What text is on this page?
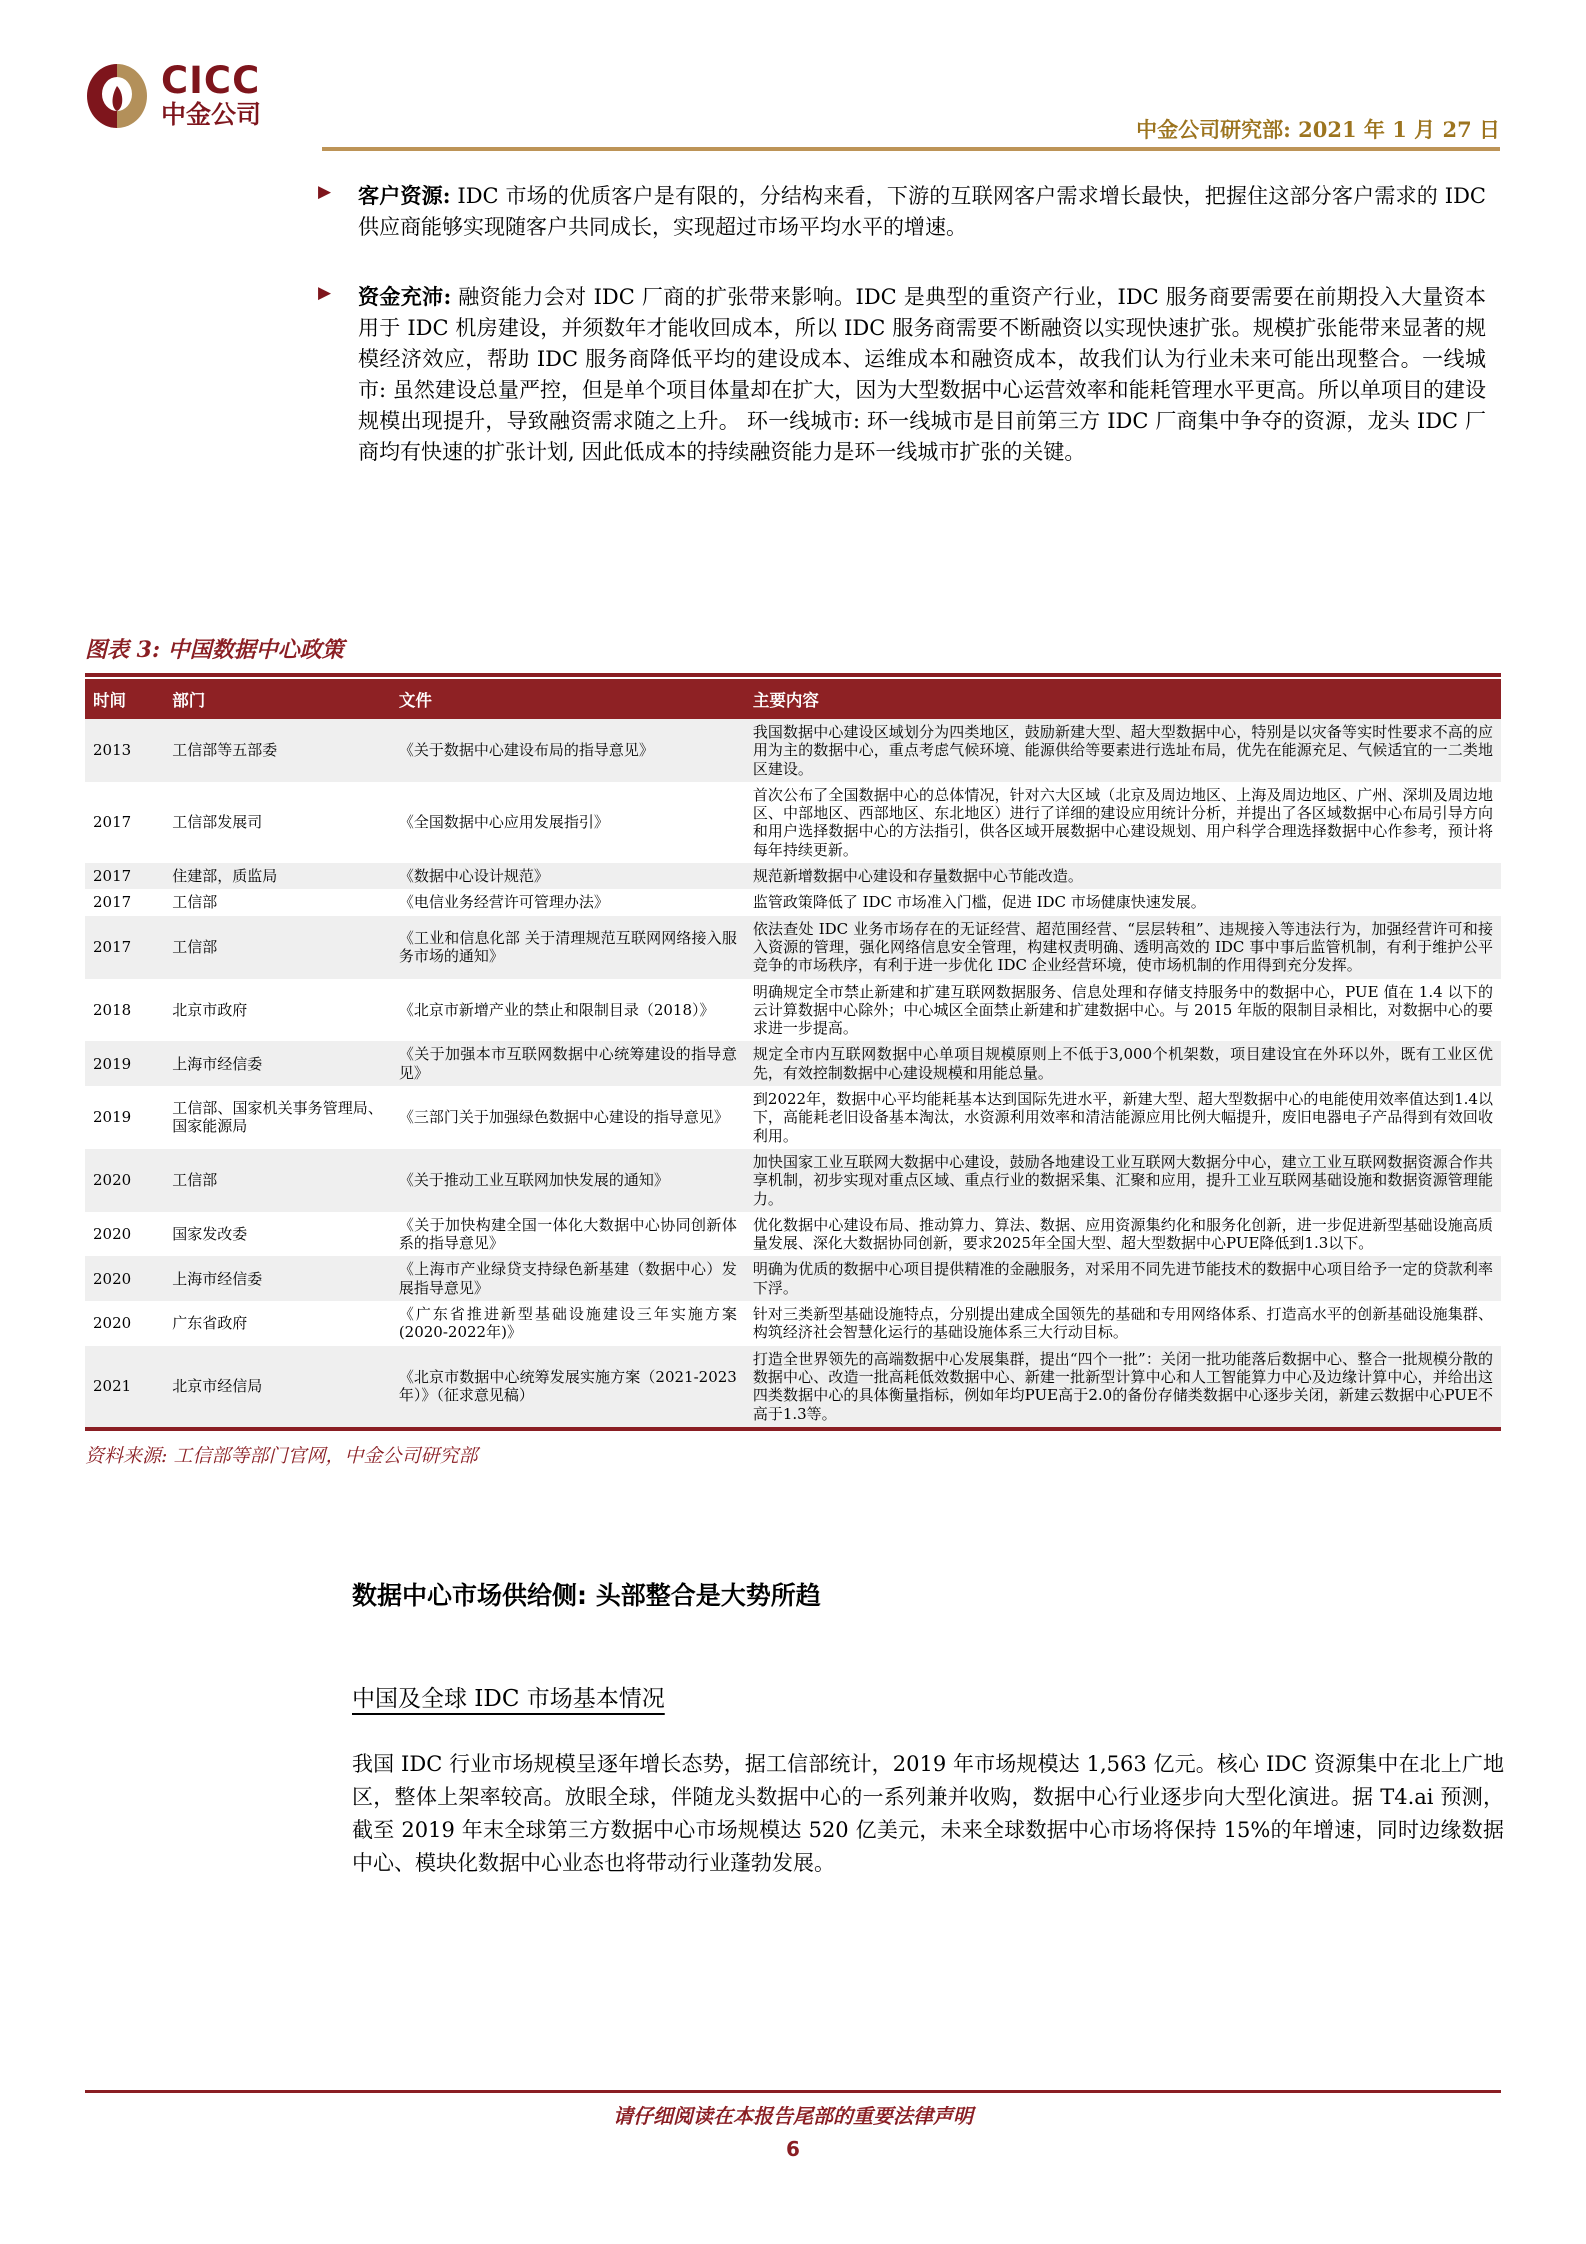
CICC
中金公司
中金公司研究部: 2021 年 1 月 27 日
▶	客户资源: IDC 市场的优质客户是有限的，分结构来看，下游的互联网客户需求增长最快，把握住这部分客户需求的 IDC 供应商能够实现随客户共同成长，实现超过市场平均水平的增速。
▶	资金充沛: 融资能力会对 IDC 厂商的扩张带来影响。IDC 是典型的重资产行业，IDC 服务商要需要在前期投入大量资本用于 IDC 机房建设，并须数年才能收回成本，所以 IDC 服务商需要不断融资以实现快速扩张。规模扩张能带来显著的规模经济效应，帮助 IDC 服务商降低平均的建设成本、运维成本和融资成本，故我们认为行业未来可能出现整合。一线城市: 虽然建设总量严控，但是单个项目体量却在扩大，因为大型数据中心运营效率和能耗管理水平更高。所以单项目的建设规模出现提升，导致融资需求随之上升。 环一线城市: 环一线城市是目前第三方 IDC 厂商集中争夺的资源，龙头 IDC 厂商均有快速的扩张计划, 因此低成本的持续融资能力是环一线城市扩张的关键。
图表 3: 中国数据中心政策
时间	部门	文件	主要内容
2013	工信部等五部委	《关于数据中心建设布局的指导意见》	我国数据中心建设区域划分为四类地区，鼓励新建大型、超大型数据中心，特别是以灾备等实时性要求不高的应用为主的数据中心，重点考虑气候环境、能源供给等要素进行选址布局，优先在能源充足、气候适宜的一二类地区建设。
2017	工信部发展司	《全国数据中心应用发展指引》	首次公布了全国数据中心的总体情况，针对六大区域（北京及周边地区、上海及周边地区、广州、深圳及周边地区、中部地区、西部地区、东北地区）进行了详细的建设应用统计分析，并提出了各区域数据中心布局引导方向和用户选择数据中心的方法指引，供各区域开展数据中心建设规划、用户科学合理选择数据中心作参考，预计将每年持续更新。
2017	住建部，质监局	《数据中心设计规范》	规范新增数据中心建设和存量数据中心节能改造。
2017	工信部	《电信业务经营许可管理办法》	监管政策降低了 IDC 市场准入门槛，促进 IDC 市场健康快速发展。
2017	工信部	《工业和信息化部 关于清理规范互联网网络接入服务市场的通知》	依法查处 IDC 业务市场存在的无证经营、超范围经营、“层层转租”、违规接入等违法行为，加强经营许可和接入资源的管理，强化网络信息安全管理，构建权责明确、透明高效的 IDC 事中事后监管机制，有利于维护公平竞争的市场秩序，有利于进一步优化 IDC 企业经营环境，使市场机制的作用得到充分发挥。
2018	北京市政府	《北京市新增产业的禁止和限制目录（2018）》	明确规定全市禁止新建和扩建互联网数据服务、信息处理和存储支持服务中的数据中心，PUE 值在 1.4 以下的云计算数据中心除外；中心城区全面禁止新建和扩建数据中心。与 2015 年版的限制目录相比，对数据中心的要求进一步提高。
2019	上海市经信委	《关于加强本市互联网数据中心统筹建设的指导意见》	规定全市内互联网数据中心单项目规模原则上不低于3,000个机架数，项目建设宜在外环以外，既有工业区优先，有效控制数据中心建设规模和用能总量。
2019	工信部、国家机关事务管理局、国家能源局	《三部门关于加强绿色数据中心建设的指导意见》	到2022年，数据中心平均能耗基本达到国际先进水平，新建大型、超大型数据中心的电能使用效率值达到1.4以下，高能耗老旧设备基本淘汰，水资源利用效率和清洁能源应用比例大幅提升，废旧电器电子产品得到有效回收利用。
2020	工信部	《关于推动工业互联网加快发展的通知》	加快国家工业互联网大数据中心建设，鼓励各地建设工业互联网大数据分中心，建立工业互联网数据资源合作共享机制，初步实现对重点区域、重点行业的数据采集、汇聚和应用，提升工业互联网基础设施和数据资源管理能力。
2020	国家发改委	《关于加快构建全国一体化大数据中心协同创新体系的指导意见》	优化数据中心建设布局、推动算力、算法、数据、应用资源集约化和服务化创新，进一步促进新型基础设施高质量发展、深化大数据协同创新，要求2025年全国大型、超大型数据中心PUE降低到1.3以下。
2020	上海市经信委	《上海市产业绿贷支持绿色新基建（数据中心）发展指导意见》	明确为优质的数据中心项目提供精准的金融服务，对采用不同先进节能技术的数据中心项目给予一定的贷款利率下浮。
2020	广东省政府	《广东省推进新型基础设施建设三年实施方案(2020-2022年)》	针对三类新型基础设施特点，分别提出建成全国领先的基础和专用网络体系、打造高水平的创新基础设施集群、构筑经济社会智慧化运行的基础设施体系三大行动目标。
2021	北京市经信局	《北京市数据中心统筹发展实施方案（2021-2023年）》（征求意见稿）	打造全世界领先的高端数据中心发展集群，提出“四个一批”：关闭一批功能落后数据中心、整合一批规模分散的数据中心、改造一批高耗低效数据中心、新建一批新型计算中心和人工智能算力中心及边缘计算中心，并给出这四类数据中心的具体衡量指标，例如年均PUE高于2.0的备份存储类数据中心逐步关闭，新建云数据中心PUE不高于1.3等。
资料来源: 工信部等部门官网，中金公司研究部
数据中心市场供给侧: 头部整合是大势所趋
中国及全球 IDC 市场基本情况
我国 IDC 行业市场规模呈逐年增长态势，据工信部统计，2019 年市场规模达 1,563 亿元。核心 IDC 资源集中在北上广地区，整体上架率较高。放眼全球，伴随龙头数据中心的一系列兼并收购，数据中心行业逐步向大型化演进。据 T4.ai 预测，截至 2019 年末全球第三方数据中心市场规模达 520 亿美元，未来全球数据中心市场将保持 15%的年增速，同时边缘数据中心、模块化数据中心业态也将带动行业蓬勃发展。
请仔细阅读在本报告尾部的重要法律声明
6
